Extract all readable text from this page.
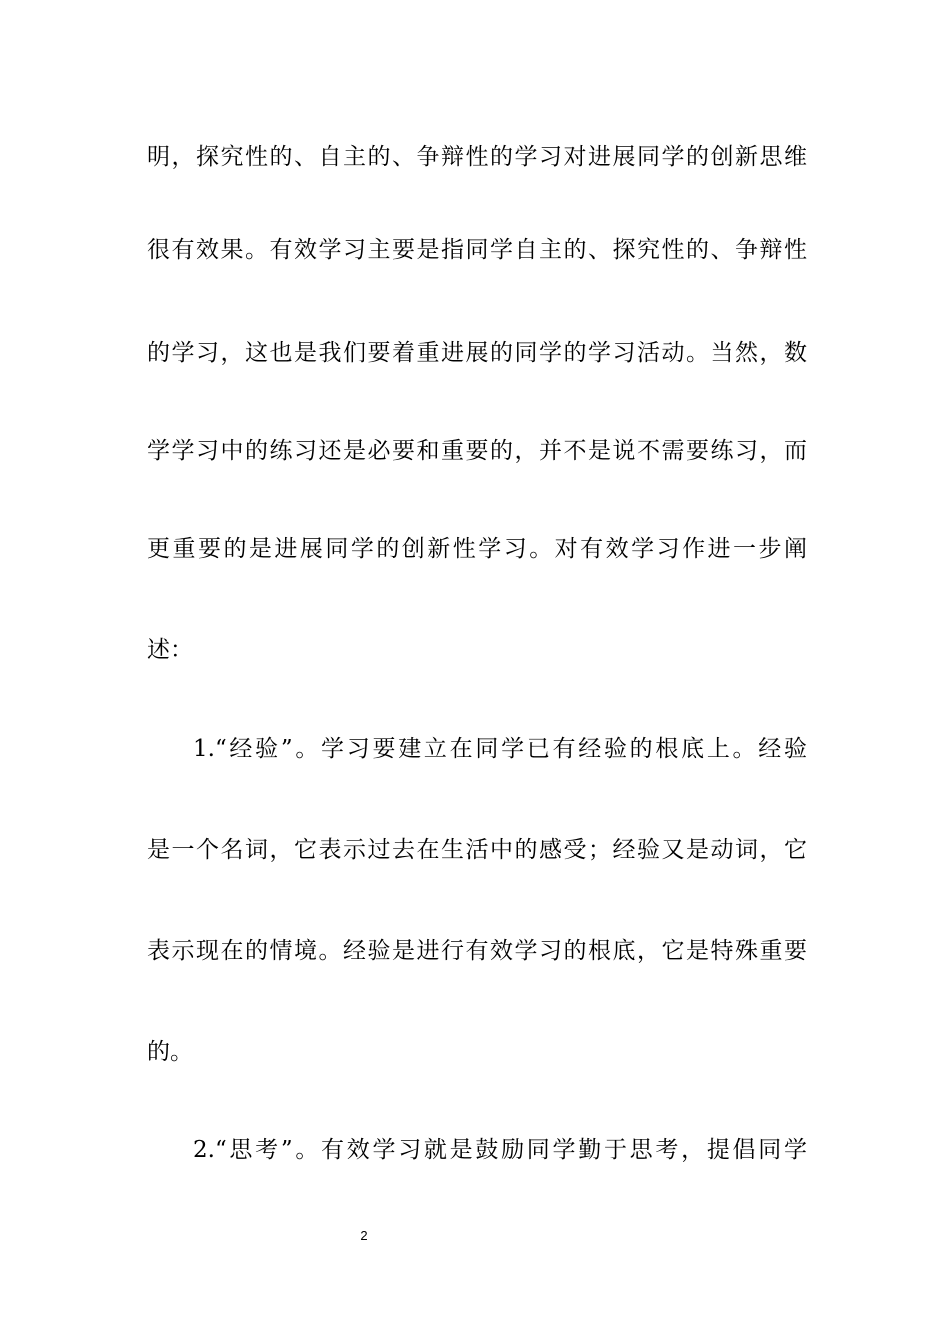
明，探究性的、自主的、争辩性的学习对进展同学的创新思维
很有效果。有效学习主要是指同学自主的、探究性的、争辩性
的学习，这也是我们要着重进展的同学的学习活动。当然，数
学学习中的练习还是必要和重要的，并不是说不需要练习，而
更重要的是进展同学的创新性学习。对有效学习作进一步阐
述：
1.“经验”。学习要建立在同学已有经验的根底上。经验
是一个名词，它表示过去在生活中的感受；经验又是动词，它
表示现在的情境。经验是进行有效学习的根底，它是特殊重要
的。
2.“思考”。有效学习就是鼓励同学勤于思考，提倡同学
2
